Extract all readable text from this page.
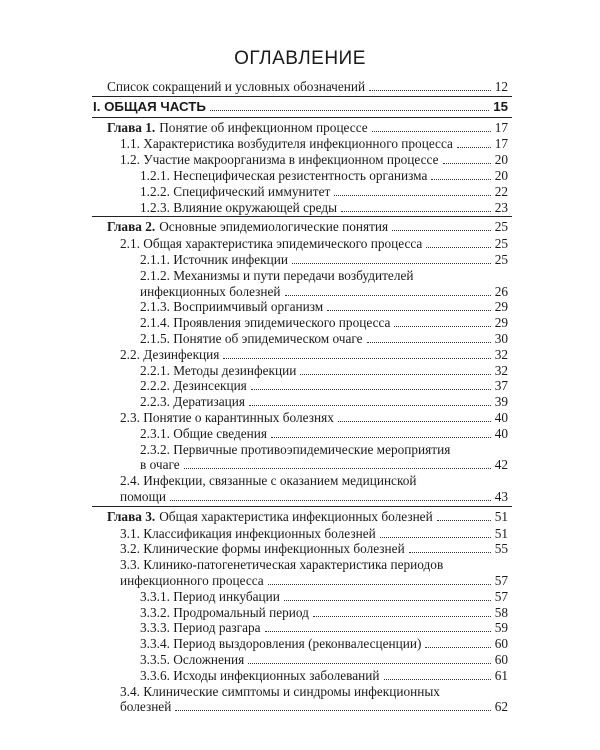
ОГЛАВЛЕНИЕ
Список сокращений и условных обозначений	12
I. ОБЩАЯ ЧАСТЬ	15
Глава 1. Понятие об инфекционном процессе	17
1.1. Характеристика возбудителя инфекционного процесса	17
1.2. Участие макроорганизма в инфекционном процессе	20
1.2.1. Неспецифическая резистентность организма	20
1.2.2. Специфический иммунитет	22
1.2.3. Влияние окружающей среды	23
Глава 2. Основные эпидемиологические понятия	25
2.1. Общая характеристика эпидемического процесса	25
2.1.1. Источник инфекции	25
2.1.2. Механизмы и пути передачи возбудителей
инфекционных болезней	26
2.1.3. Восприимчивый организм	29
2.1.4. Проявления эпидемического процесса	29
2.1.5. Понятие об эпидемическом очаге	30
2.2. Дезинфекция	32
2.2.1. Методы дезинфекции	32
2.2.2. Дезинсекция	37
2.2.3. Дератизация	39
2.3. Понятие о карантинных болезнях	40
2.3.1. Общие сведения	40
2.3.2. Первичные противоэпидемические мероприятия
в очаге	42
2.4. Инфекции, связанные с оказанием медицинской
помощи	43
Глава 3. Общая характеристика инфекционных болезней	51
3.1. Классификация инфекционных болезней	51
3.2. Клинические формы инфекционных болезней	55
3.3. Клинико-патогенетическая характеристика периодов
инфекционного процесса	57
3.3.1. Период инкубации	57
3.3.2. Продромальный период	58
3.3.3. Период разгара	59
3.3.4. Период выздоровления (реконвалесценции)	60
3.3.5. Осложнения	60
3.3.6. Исходы инфекционных заболеваний	61
3.4. Клинические симптомы и синдромы инфекционных
болезней	62
